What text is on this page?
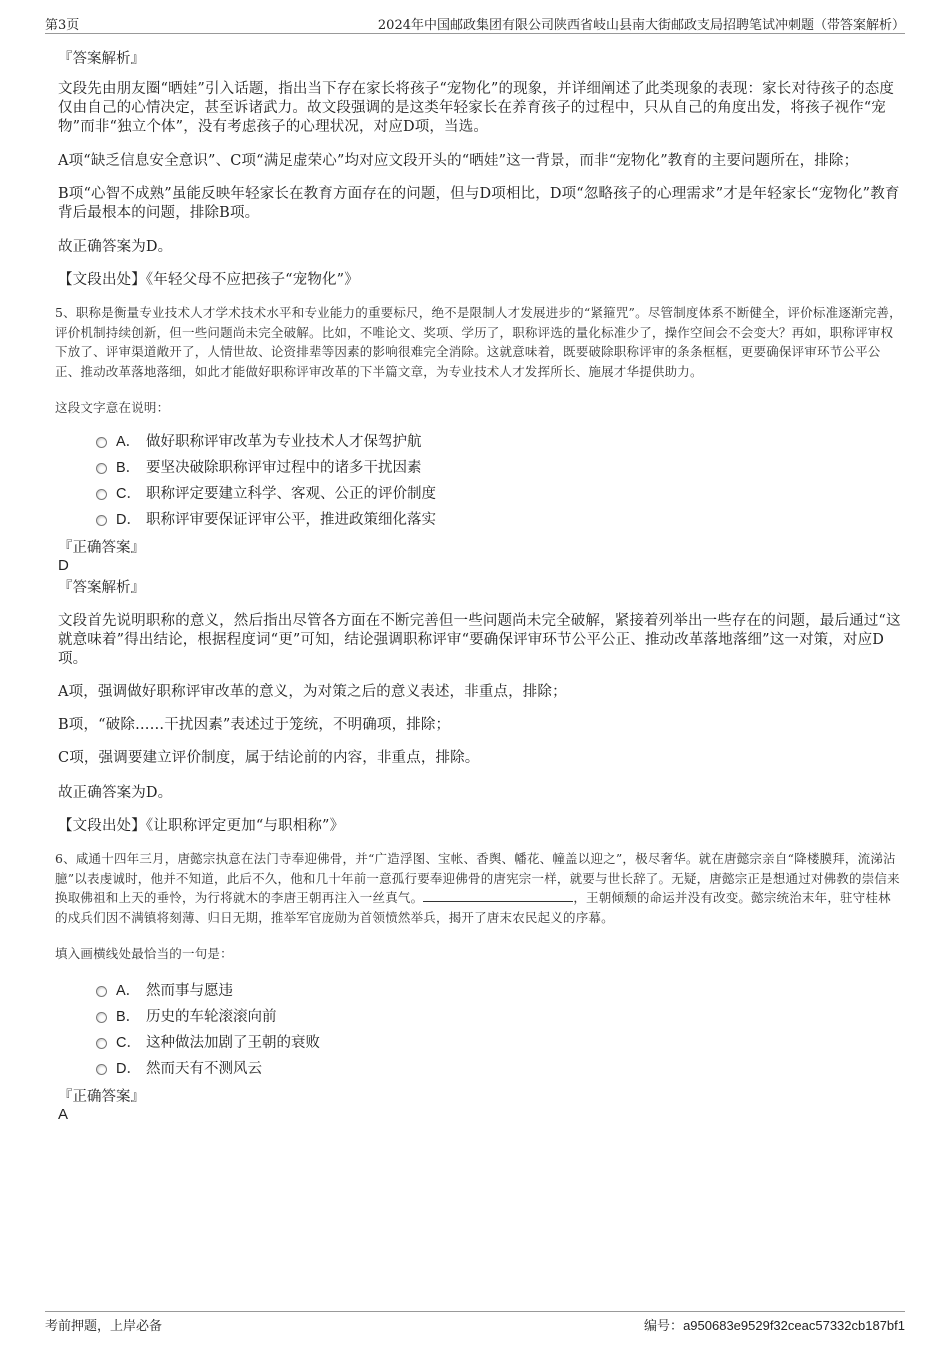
第3页	2024年中国邮政集团有限公司陕西省岐山县南大街邮政支局招聘笔试冲刺题（带答案解析）
『答案解析』
文段先由朋友圈“晒娃”引入话题，指出当下存在家长将孩子“宠物化”的现象，并详细阐述了此类现象的表现：家长对待孩子的态度仅由自己的心情决定，甚至诉诸武力。故文段强调的是这类年轻家长在养育孩子的过程中，只从自己的角度出发，将孩子视作“宠物”而非“独立个体”，没有考虑孩子的心理状况，对应D项，当选。
A项“缺乏信息安全意识”、C项“满足虚荣心”均对应文段开头的“晒娃”这一背景，而非“宠物化”教育的主要问题所在，排除；
B项“心智不成熟”虽能反映年轻家长在教育方面存在的问题，但与D项相比，D项“忽略孩子的心理需求”才是年轻家长“宠物化”教育背后最根本的问题，排除B项。
故正确答案为D。
【文段出处】《年轻父母不应把孩子“宠物化”》
5、职称是衡量专业技术人才学术技术水平和专业能力的重要标尺，绝不是限制人才发展进步的“紧箍咒”。尽管制度体系不断健全，评价标准逐渐完善，评价机制持续创新，但一些问题尚未完全破解。比如，不唯论文、奖项、学历了，职称评选的量化标准少了，操作空间会不会变大？再如，职称评审权下放了、评审渠道敞开了，人情世故、论资排辈等因素的影响很难完全消除。这就意味着，既要破除职称评审的条条框框，更要确保评审环节公平公正、推动改革落地落细，如此才能做好职称评审改革的下半篇文章，为专业技术人才发挥所长、施展才华提供助力。
这段文字意在说明：
A． 做好职称评审改革为专业技术人才保驾护航
B． 要坚决破除职称评审过程中的诸多干扰因素
C． 职称评定要建立科学、客观、公正的评价制度
D． 职称评审要保证评审公平，推进政策细化落实
『正确答案』
D
『答案解析』
文段首先说明职称的意义，然后指出尽管各方面在不断完善但一些问题尚未完全破解，紧接着列举出一些存在的问题，最后通过“这就意味着”得出结论，根据程度词“更”可知，结论强调职称评审“要确保评审环节公平公正、推动改革落地落细”这一对策，对应D项。
A项，强调做好职称评审改革的意义，为对策之后的意义表述，非重点，排除；
B项，“破除……干扰因素”表述过于笼统，不明确项，排除；
C项，强调要建立评价制度，属于结论前的内容，非重点，排除。
故正确答案为D。
【文段出处】《让职称评定更加“与职相称”》
6、咸通十四年三月，唐懿宗执意在法门寺奉迎佛骨，并“广造浮图、宝帐、香舆、幡花、幢盖以迎之”，极尽奢华。就在唐懿宗亲自“降楼膜拜，流涕沾臆”以表虔诚时，他并不知道，此后不久，他和几十年前一意孤行要奉迎佛骨的唐宪宗一样，就要与世长辞了。无疑，唐懿宗正是想通过对佛教的崇信来换取佛祖和上天的垂怜，为行将就木的李唐王朝再注入一丝真气。	，王朝倾颓的命运并没有改变。懿宗统治末年，驻守桂林的戍兵们因不满镇将刻薄、归日无期，推举军官庞勋为首领愤然举兵，揭开了唐末农民起义的序幕。
填入画横线处最恰当的一句是：
A． 然而事与愿违
B． 历史的车轮滚滚向前
C． 这种做法加剧了王朝的衰败
D． 然而天有不测风云
『正确答案』
A
考前押题，上岸必备	编号：a950683e9529f32ceac57332cb187bf1
